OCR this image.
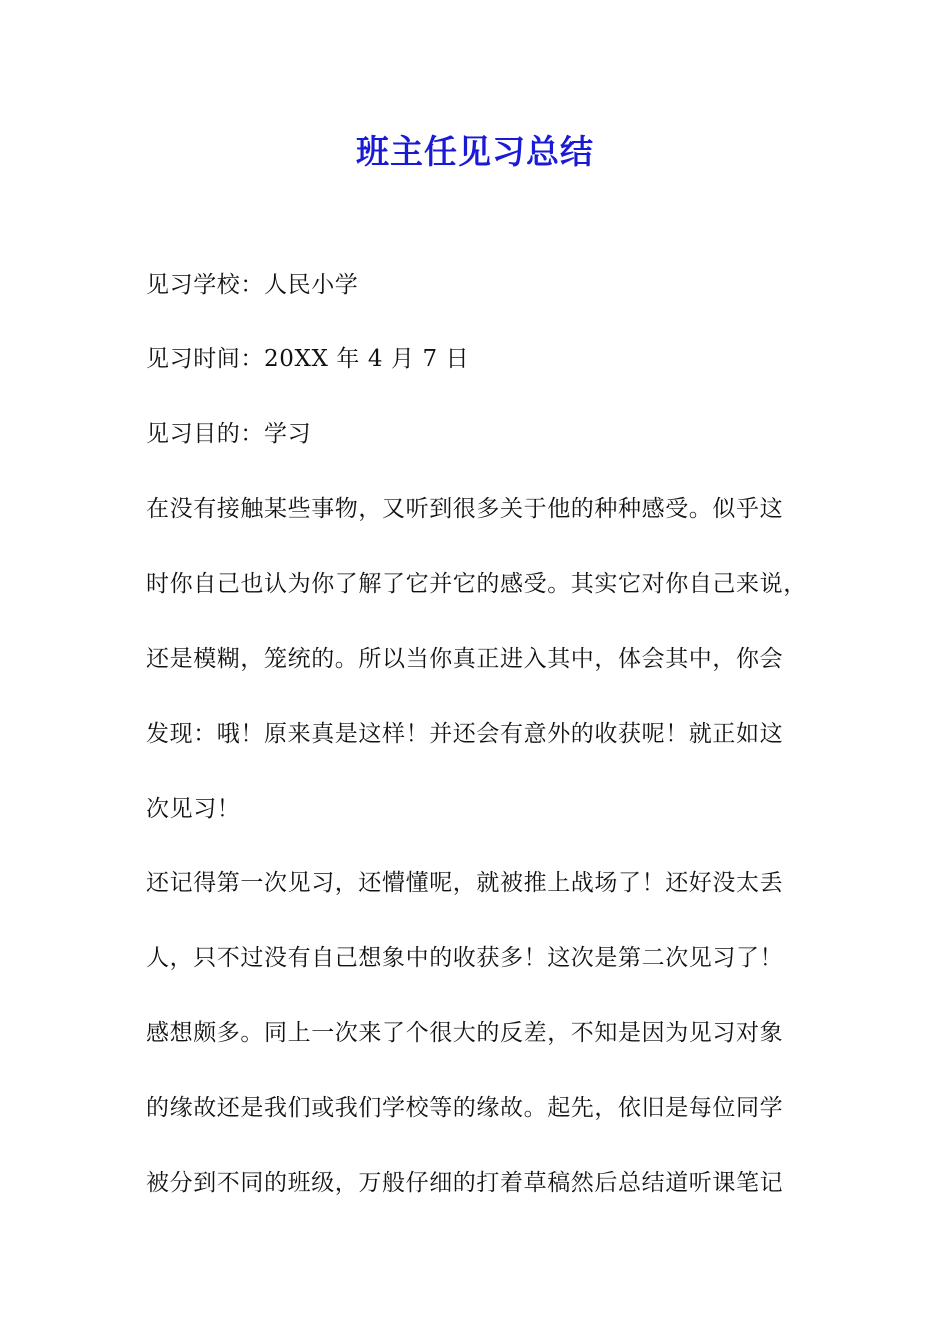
班主任见习总结
见习学校：人民小学
见习时间：20XX 年 4 月 7 日
见习目的：学习
在没有接触某些事物，又听到很多关于他的种种感受。似乎这
时你自己也认为你了解了它并它的感受。其实它对你自己来说，
还是模糊，笼统的。所以当你真正进入其中，体会其中，你会
发现：哦！原来真是这样！并还会有意外的收获呢！就正如这
次见习！
还记得第一次见习，还懵懂呢，就被推上战场了！还好没太丢
人，只不过没有自己想象中的收获多！这次是第二次见习了！
感想颇多。同上一次来了个很大的反差，不知是因为见习对象
的缘故还是我们或我们学校等的缘故。起先，依旧是每位同学
被分到不同的班级，万般仔细的打着草稿然后总结道听课笔记
